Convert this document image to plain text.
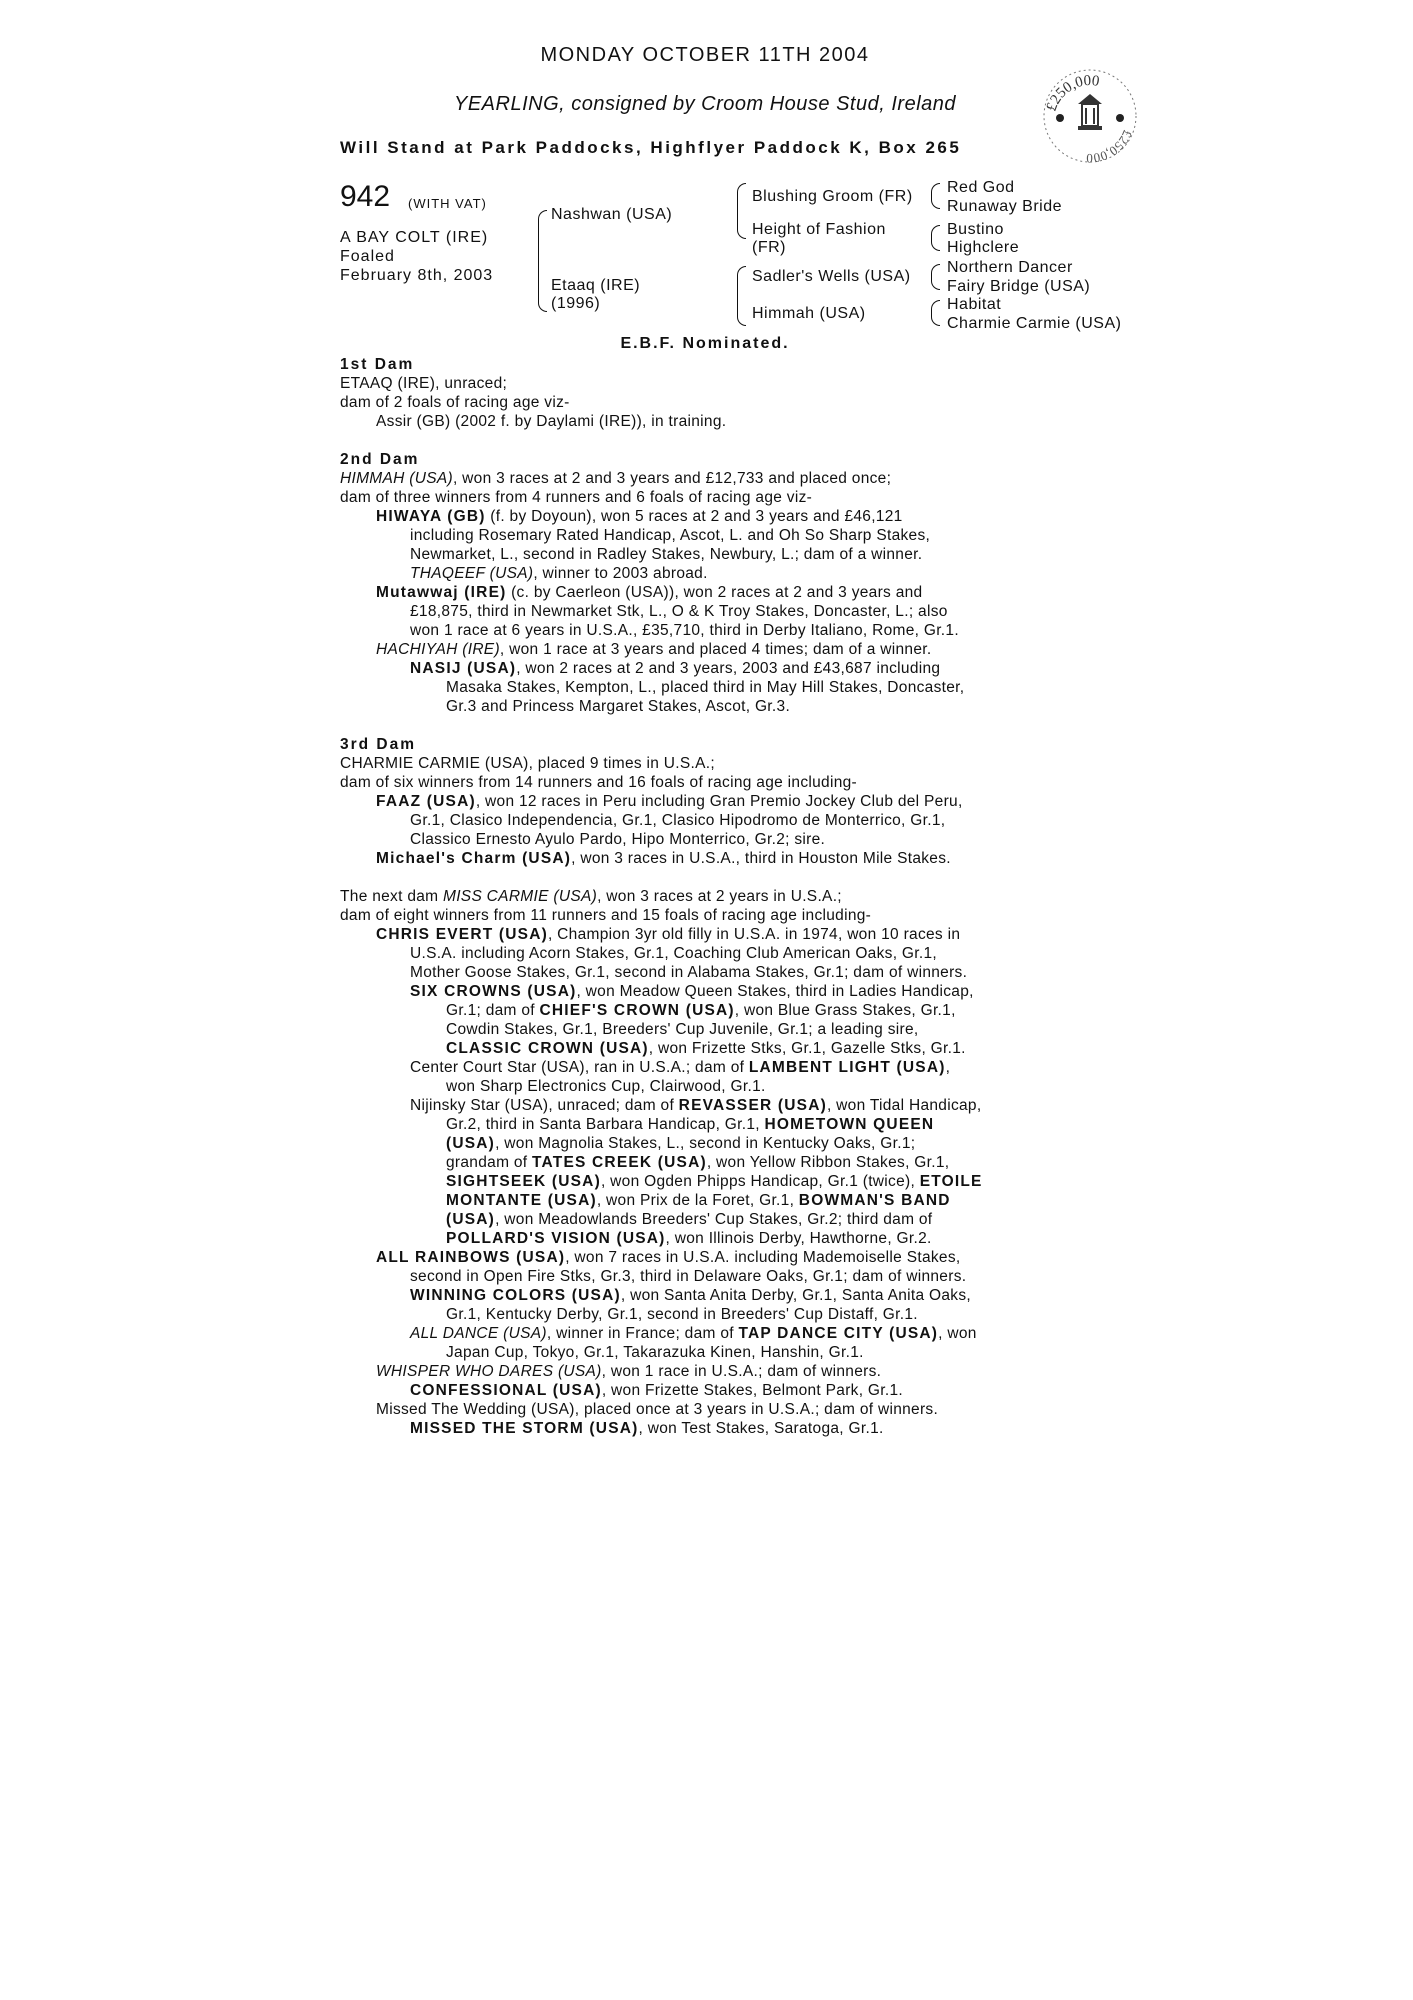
MONDAY OCTOBER 11TH 2004
YEARLING, consigned by Croom House Stud, Ireland
Will Stand at Park Paddocks, Highflyer Paddock K, Box 265
£250,000
£250,000
942 (WITH VAT)
A BAY COLT (IRE)
Foaled
February 8th, 2003
Nashwan (USA)
Etaaq (IRE)
(1996)
Blushing Groom (FR)
Height of Fashion
(FR)
Sadler's Wells (USA)
Himmah (USA)
Red God
Runaway Bride
Bustino
Highclere
Northern Dancer
Fairy Bridge (USA)
Habitat
Charmie Carmie (USA)
E.B.F. Nominated.
1st Dam
ETAAQ (IRE), unraced;
dam of 2 foals of racing age viz-
Assir (GB) (2002 f. by Daylami (IRE)), in training.
2nd Dam
HIMMAH (USA), won 3 races at 2 and 3 years and £12,733 and placed once;
dam of three winners from 4 runners and 6 foals of racing age viz-
HIWAYA (GB) (f. by Doyoun), won 5 races at 2 and 3 years and £46,121
including Rosemary Rated Handicap, Ascot, L. and Oh So Sharp Stakes,
Newmarket, L., second in Radley Stakes, Newbury, L.; dam of a winner.
THAQEEF (USA), winner to 2003 abroad.
Mutawwaj (IRE) (c. by Caerleon (USA)), won 2 races at 2 and 3 years and
£18,875, third in Newmarket Stk, L., O & K Troy Stakes, Doncaster, L.; also
won 1 race at 6 years in U.S.A., £35,710, third in Derby Italiano, Rome, Gr.1.
HACHIYAH (IRE), won 1 race at 3 years and placed 4 times; dam of a winner.
NASIJ (USA), won 2 races at 2 and 3 years, 2003 and £43,687 including
Masaka Stakes, Kempton, L., placed third in May Hill Stakes, Doncaster,
Gr.3 and Princess Margaret Stakes, Ascot, Gr.3.
3rd Dam
CHARMIE CARMIE (USA), placed 9 times in U.S.A.;
dam of six winners from 14 runners and 16 foals of racing age including-
FAAZ (USA), won 12 races in Peru including Gran Premio Jockey Club del Peru,
Gr.1, Clasico Independencia, Gr.1, Clasico Hipodromo de Monterrico, Gr.1,
Classico Ernesto Ayulo Pardo, Hipo Monterrico, Gr.2; sire.
Michael's Charm (USA), won 3 races in U.S.A., third in Houston Mile Stakes.
The next dam MISS CARMIE (USA), won 3 races at 2 years in U.S.A.;
dam of eight winners from 11 runners and 15 foals of racing age including-
CHRIS EVERT (USA), Champion 3yr old filly in U.S.A. in 1974, won 10 races in
U.S.A. including Acorn Stakes, Gr.1, Coaching Club American Oaks, Gr.1,
Mother Goose Stakes, Gr.1, second in Alabama Stakes, Gr.1; dam of winners.
SIX CROWNS (USA), won Meadow Queen Stakes, third in Ladies Handicap,
Gr.1; dam of CHIEF'S CROWN (USA), won Blue Grass Stakes, Gr.1,
Cowdin Stakes, Gr.1, Breeders' Cup Juvenile, Gr.1; a leading sire,
CLASSIC CROWN (USA), won Frizette Stks, Gr.1, Gazelle Stks, Gr.1.
Center Court Star (USA), ran in U.S.A.; dam of LAMBENT LIGHT (USA),
won Sharp Electronics Cup, Clairwood, Gr.1.
Nijinsky Star (USA), unraced; dam of REVASSER (USA), won Tidal Handicap,
Gr.2, third in Santa Barbara Handicap, Gr.1, HOMETOWN QUEEN
(USA), won Magnolia Stakes, L., second in Kentucky Oaks, Gr.1;
grandam of TATES CREEK (USA), won Yellow Ribbon Stakes, Gr.1,
SIGHTSEEK (USA), won Ogden Phipps Handicap, Gr.1 (twice), ETOILE
MONTANTE (USA), won Prix de la Foret, Gr.1, BOWMAN'S BAND
(USA), won Meadowlands Breeders' Cup Stakes, Gr.2; third dam of
POLLARD'S VISION (USA), won Illinois Derby, Hawthorne, Gr.2.
ALL RAINBOWS (USA), won 7 races in U.S.A. including Mademoiselle Stakes,
second in Open Fire Stks, Gr.3, third in Delaware Oaks, Gr.1; dam of winners.
WINNING COLORS (USA), won Santa Anita Derby, Gr.1, Santa Anita Oaks,
Gr.1, Kentucky Derby, Gr.1, second in Breeders' Cup Distaff, Gr.1.
ALL DANCE (USA), winner in France; dam of TAP DANCE CITY (USA), won
Japan Cup, Tokyo, Gr.1, Takarazuka Kinen, Hanshin, Gr.1.
WHISPER WHO DARES (USA), won 1 race in U.S.A.; dam of winners.
CONFESSIONAL (USA), won Frizette Stakes, Belmont Park, Gr.1.
Missed The Wedding (USA), placed once at 3 years in U.S.A.; dam of winners.
MISSED THE STORM (USA), won Test Stakes, Saratoga, Gr.1.
